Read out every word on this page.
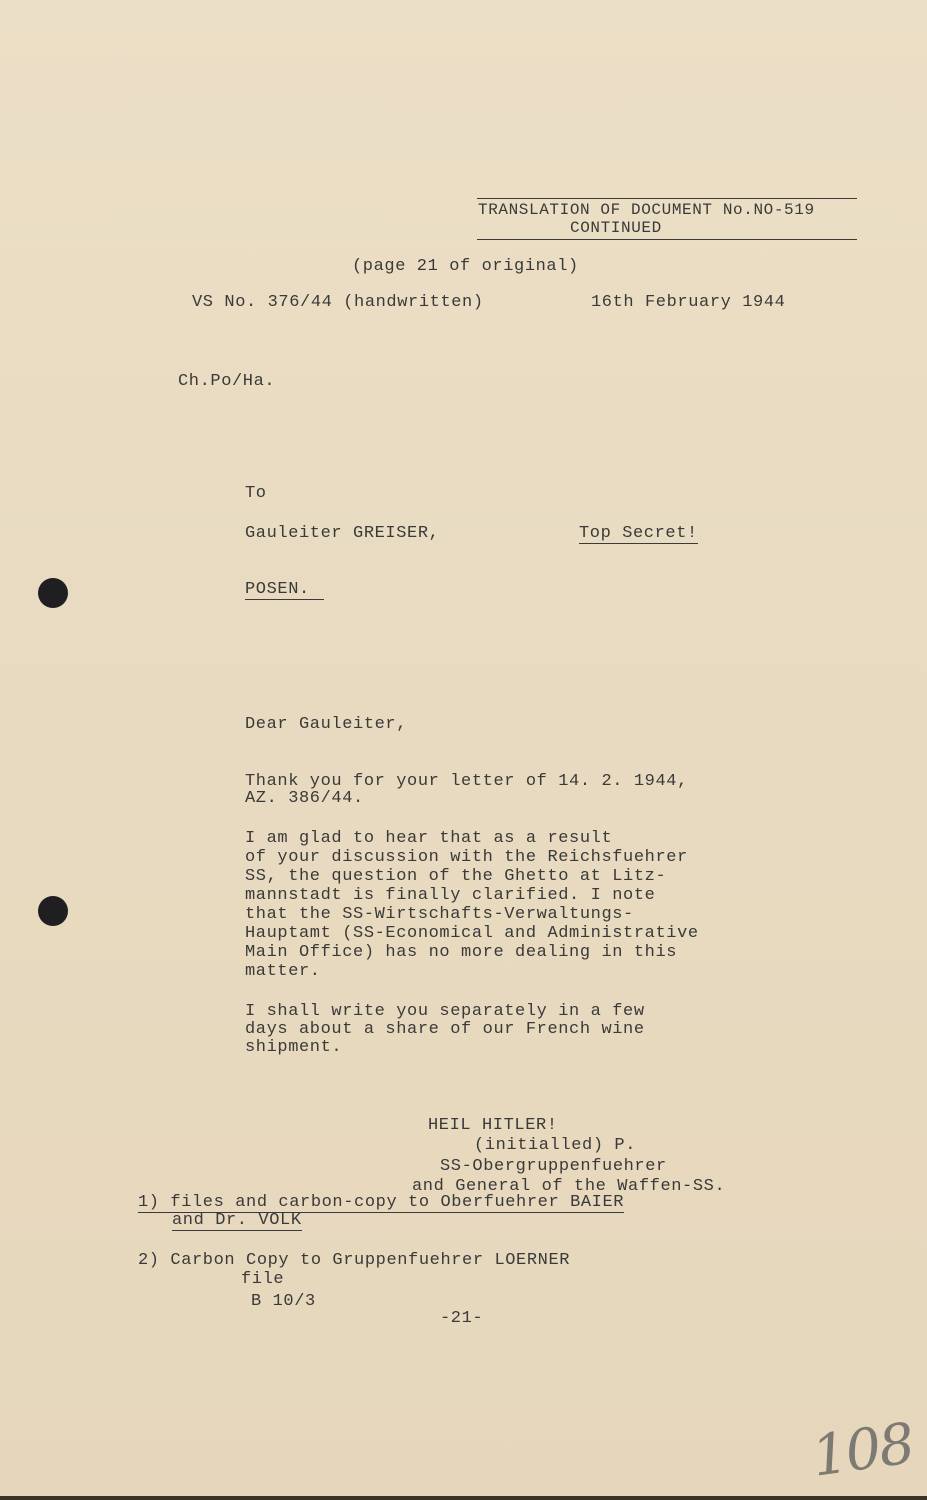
TRANSLATION OF DOCUMENT No.NO-519
CONTINUED
(page 21 of original)
VS No. 376/44 (handwritten)	16th February 1944
Ch.Po/Ha.
To
Gauleiter GREISER,	Top Secret!
POSEN.
Dear Gauleiter,
Thank you for your letter of 14. 2. 1944,
AZ. 386/44.
I am glad to hear that as a result
of your discussion with the Reichsfuehrer
SS, the question of the Ghetto at Litz-
mannstadt is finally clarified. I note
that the SS-Wirtschafts-Verwaltungs-
Hauptamt (SS-Economical and Administrative
Main Office) has no more dealing in this
matter.
I shall write you separately in a few
days about a share of our French wine
shipment.
HEIL HITLER!
(initialled) P.
SS-Obergruppenfuehrer
and General of the Waffen-SS.
1) files and carbon-copy to Oberfuehrer BAIER
and Dr. VOLK
2) Carbon Copy to Gruppenfuehrer LOERNER
file
B 10/3
-21-
108
